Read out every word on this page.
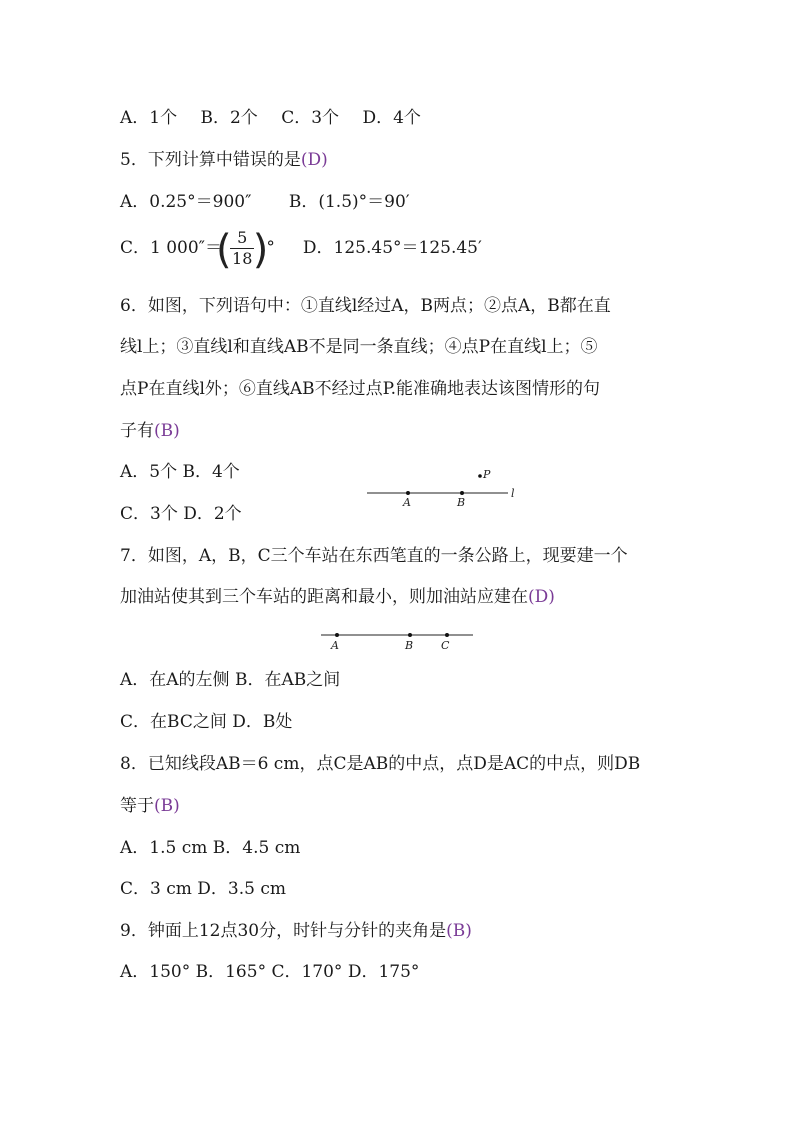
A．1个 B．2个 C．3个 D．4个
5．下列计算中错误的是(D)
A．0.25°＝900″ B．(1.5)°＝90′
C．1 000″＝
( 5
18 )
° D．125.45°＝125.45′
6．如图，下列语句中：①直线l经过A，B两点；②点A，B都在直
线l上；③直线l和直线AB不是同一条直线；④点P在直线l上；⑤
点P在直线l外；⑥直线AB不经过点P.能准确地表达该图情形的句
子有(B)
A．5个 B．4个
C．3个 D．2个
A	B
l
P
7．如图，A，B，C三个车站在东西笔直的一条公路上，现要建一个
加油站使其到三个车站的距离和最小，则加油站应建在(D)
A	B	C
A．在A的左侧 B．在AB之间
C．在BC之间 D．B处
8．已知线段AB＝6 cm，点C是AB的中点，点D是AC的中点，则DB
等于(B)
A．1.5 cm B．4.5 cm
C．3 cm D．3.5 cm
9．钟面上12点30分，时针与分针的夹角是(B)
A．150° B．165° C．170° D．175°
